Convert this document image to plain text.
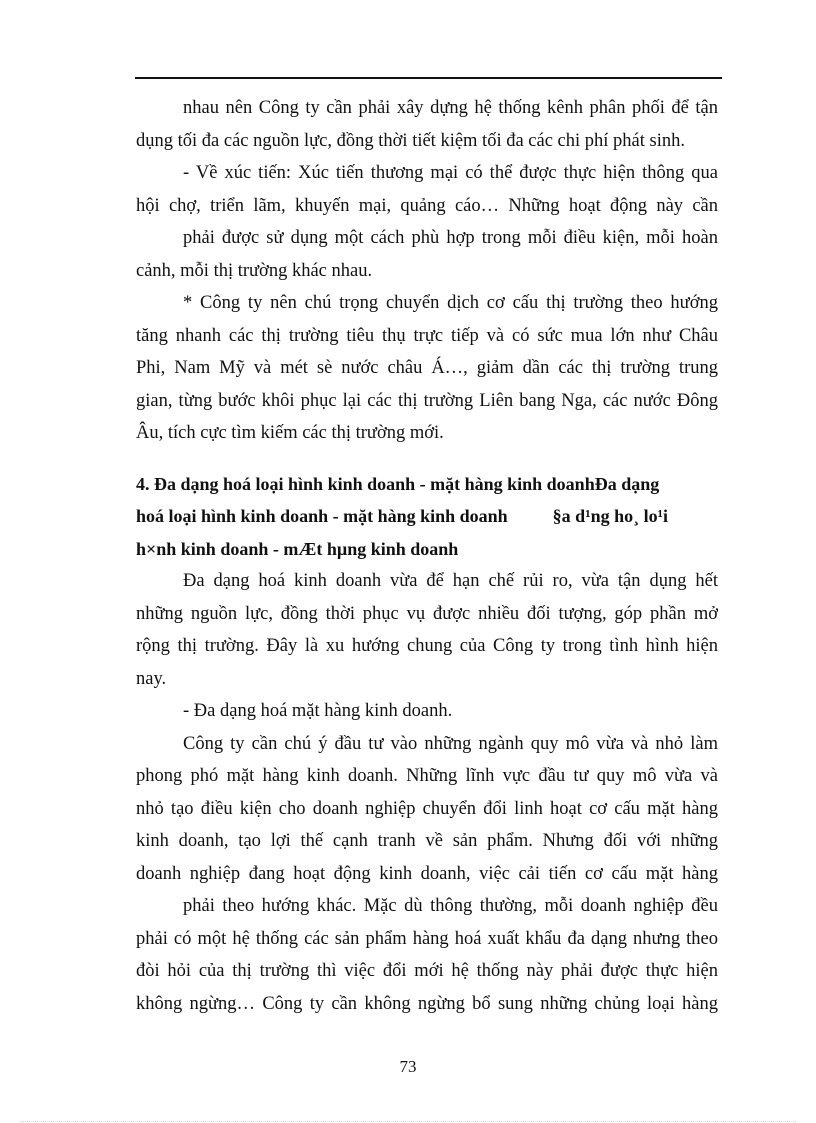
nhau nên Công ty cần phải xây dựng hệ thống kênh phân phối để tận
dụng tối đa các nguồn lực, đồng thời tiết kiệm tối đa các chi phí phát sinh.
- Về xúc tiến: Xúc tiến thương mại có thể được thực hiện thông qua
hội chợ, triển lãm, khuyến mại, quảng cáo… Những hoạt động này cần
phải được sử dụng một cách phù hợp trong mỗi điều kiện, mỗi hoàn
cảnh, mỗi thị trường khác nhau.
* Công ty nên chú trọng chuyển dịch cơ cấu thị trường theo hướng
tăng nhanh các thị trường tiêu thụ trực tiếp và có sức mua lớn như Châu
Phi, Nam Mỹ và mét sè nước châu Á…, giảm dần các thị trường trung
gian, từng bước khôi phục lại các thị trường Liên bang Nga, các nước Đông
Âu, tích cực tìm kiếm các thị trường mới.
4. Đa dạng hoá loại hình kinh doanh - mặt hàng kinh doanhĐa dạng
hoá loại hình kinh doanh - mặt hàng kinh doanh          §a d¹ng ho¸ lo¹i
h×nh kinh doanh - mÆt hµng kinh doanh
Đa dạng hoá kinh doanh vừa để hạn chế rủi ro, vừa tận dụng hết
những nguồn lực, đồng thời phục vụ được nhiều đối tượng, góp phần mở
rộng thị trường. Đây là xu hướng chung của Công ty trong tình hình hiện
nay.
- Đa dạng hoá mặt hàng kinh doanh.
Công ty cần chú ý đầu tư vào những ngành quy mô vừa và nhỏ làm
phong phó mặt hàng kinh doanh. Những lĩnh vực đầu tư quy mô vừa và
nhỏ tạo điều kiện cho doanh nghiệp chuyển đổi linh hoạt cơ cấu mặt hàng
kinh doanh, tạo lợi thế cạnh tranh về sản phẩm. Nhưng đối với những
doanh nghiệp đang hoạt động kinh doanh, việc cải tiến cơ cấu mặt hàng
phải theo hướng khác. Mặc dù thông thường, mỗi doanh nghiệp đều
phải có một hệ thống các sản phẩm hàng hoá xuất khẩu đa dạng nhưng theo
đòi hỏi của thị trường thì việc đổi mới hệ thống này phải được thực hiện
không ngừng… Công ty cần không ngừng bổ sung những chủng loại hàng
73
